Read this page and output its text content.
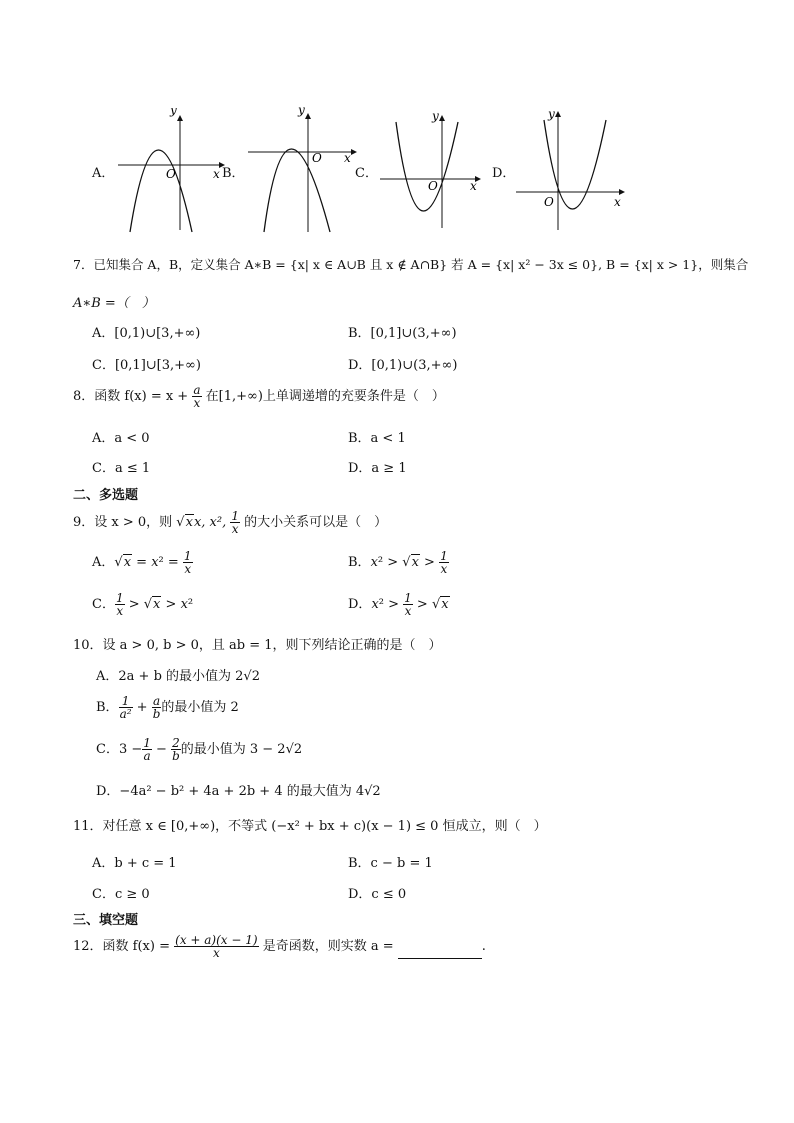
A．
y
x
O	B．
y
x
O
C．
y
x
O
D．
y
x
O
7．已知集合 A，B，定义集合 A∗B = {x| x ∈ A∪B 且 x ∉ A∩B} 若 A = {x| x² − 3x ≤ 0}, B = {x| x > 1}，则集合
A∗B =（　）
A．[0,1)∪[3,+∞)	B．[0,1]∪(3,+∞)
C．[0,1]∪[3,+∞)	D．[0,1)∪(3,+∞)
8．函数 $f(x) = x + \frac{a}{x}$ 在[1,+∞)上单调递增的充要条件是（　）
A．a < 0	B．a < 1
C．a ≤ 1	D．a ≥ 1
二、多选题
9．设 x > 0，则 √xx, x², $\frac{1}{x}$ 的大小关系可以是（　）
A．$√x = x^2 = \frac{1}{x}$	B．$x^2 > √x > \frac{1}{x}$
C． $\frac{1}{x} > √x > x^2$	D．$x^2 > \frac{1}{x} > √x$
10．设 a > 0, b > 0，且 ab = 1，则下列结论正确的是（　）
A．2a + b 的最小值为 2√2
B． $\frac{1}{\text{a²}} + \frac{a}{b}$ 的最小值为 2
C．$3 - \frac{1}{a} - \frac{2}{b}$ 的最小值为 3 − 2√2
D．−4a² − b² + 4a + 2b + 4 的最大值为 4√2
11．对任意 x ∈ [0,+∞)，不等式 (−x² + bx + c)(x − 1) ≤ 0 恒成立，则（　）
A．b + c = 1	B．c − b = 1
C．c ≥ 0	D．c ≤ 0
三、填空题
12．函数 $f(x) = \frac{(x + a)(x - 1)}{x}$ 是奇函数，则实数 a =	.
